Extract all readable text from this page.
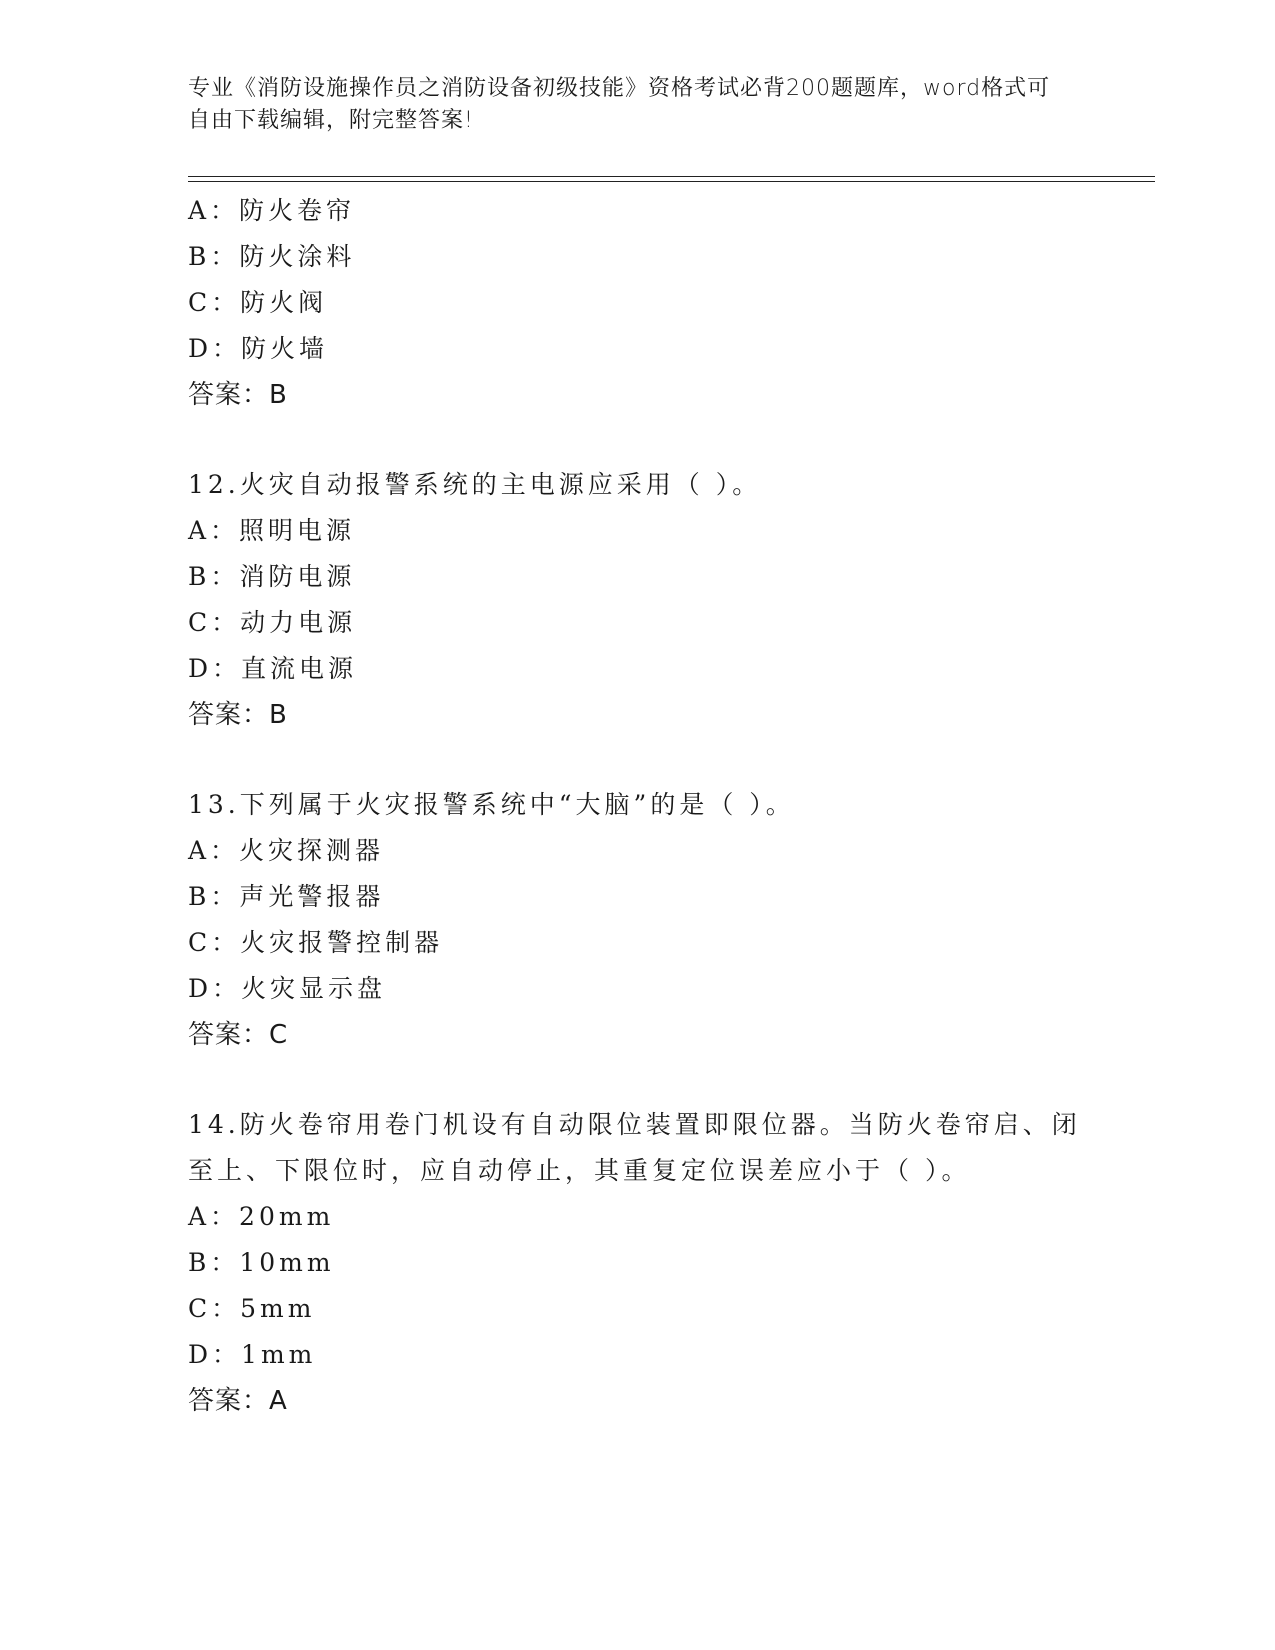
专业《消防设施操作员之消防设备初级技能》资格考试必背200题题库，word格式可自由下载编辑，附完整答案!
A：防火卷帘
B：防火涂料
C：防火阀
D：防火墙
答案：B
12.火灾自动报警系统的主电源应采用（ ）。
A：照明电源
B：消防电源
C：动力电源
D：直流电源
答案：B
13.下列属于火灾报警系统中“大脑”的是（ ）。
A：火灾探测器
B：声光警报器
C：火灾报警控制器
D：火灾显示盘
答案：C
14.防火卷帘用卷门机设有自动限位装置即限位器。当防火卷帘启、闭至上、下限位时，应自动停止，其重复定位误差应小于（ ）。
A：20mm
B：10mm
C：5mm
D：1mm
答案：A
